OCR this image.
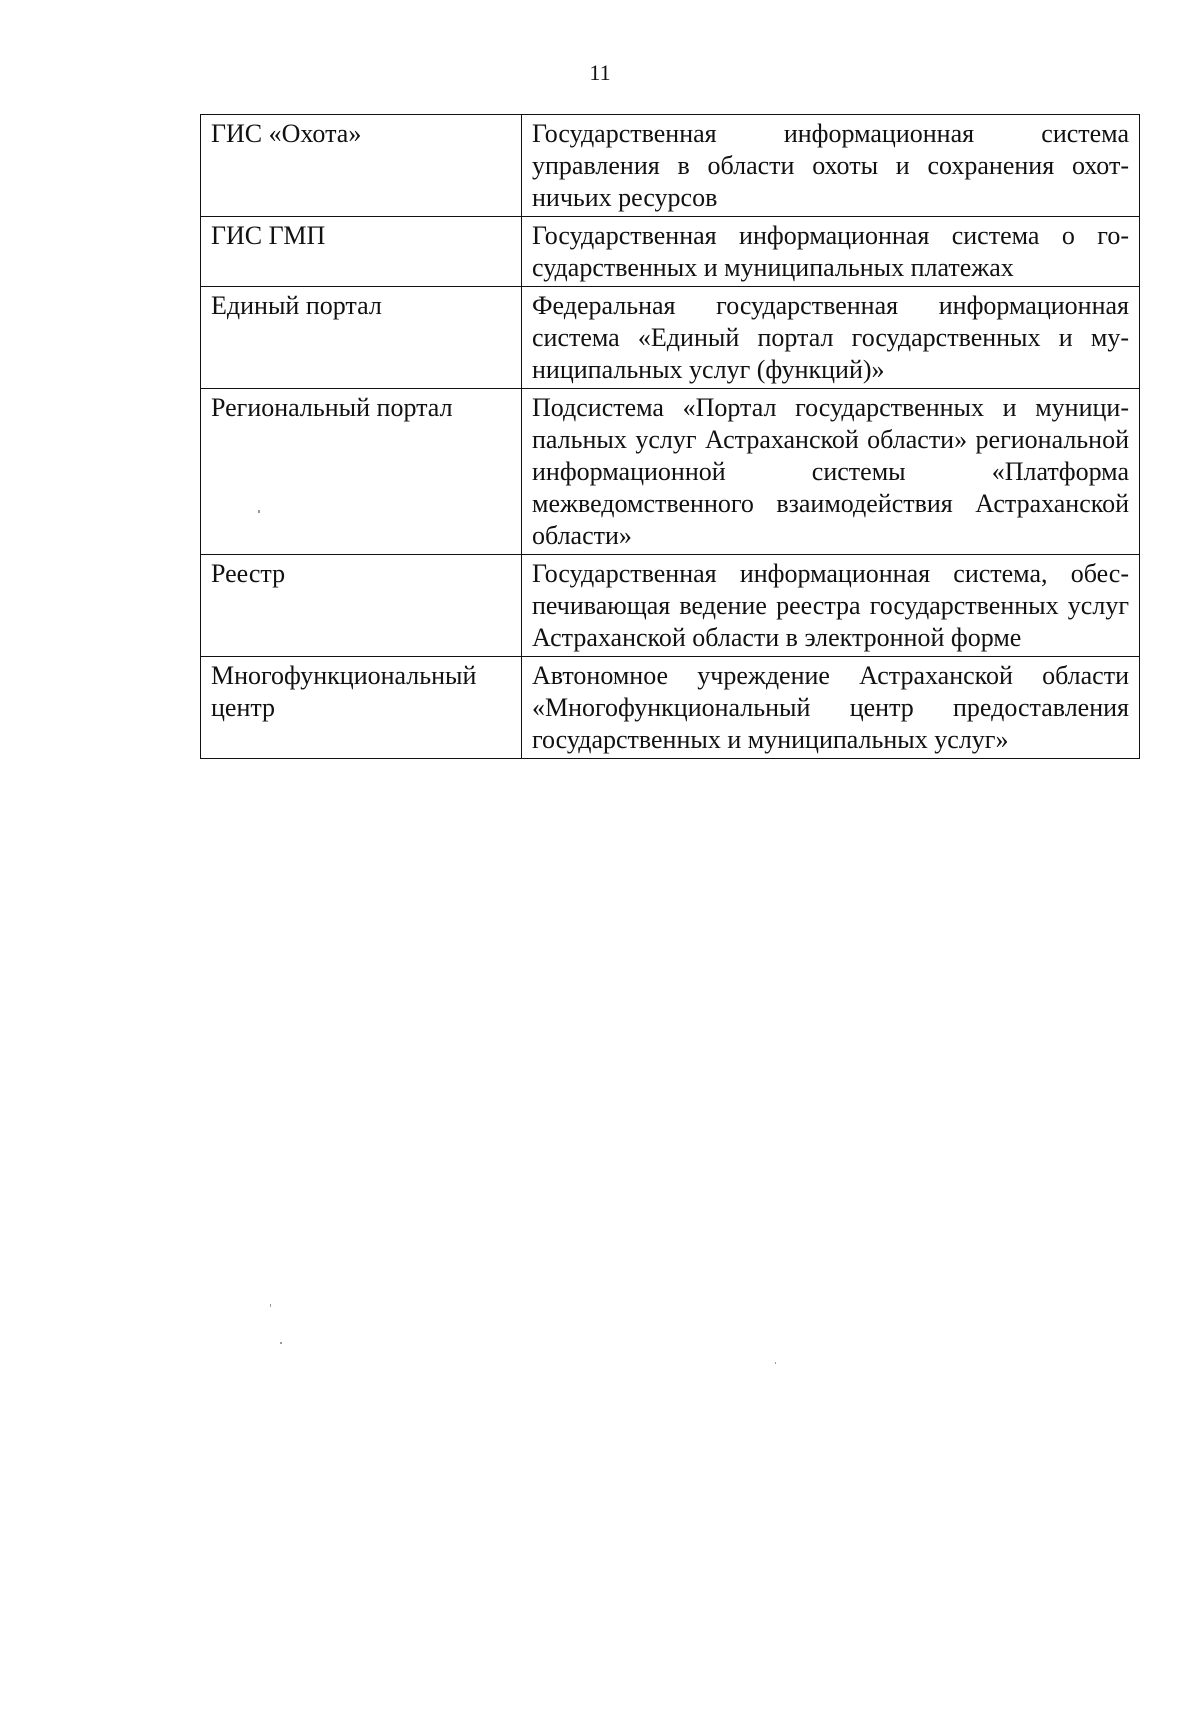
11
ГИС «Охота»	Государственная информационная система управления в области охоты и сохранения охотничьих ресурсов
ГИС ГМП	Государственная информационная система о государственных и муниципальных платежах
Единый портал	Федеральная государственная информационная система «Единый портал государственных и муниципальных услуг (функций)»
Региональный портал	Подсистема «Портал государственных и муниципальных услуг Астраханской области» региональной информационной системы «Платформа межведомственного взаимодействия Астраханской области»
Реестр	Государственная информационная система, обеспечивающая ведение реестра государственных услуг Астраханской области в электронной форме
Многофункциональный центр	Автономное учреждение Астраханской области «Многофункциональный центр предоставления государственных и муниципальных услуг»
